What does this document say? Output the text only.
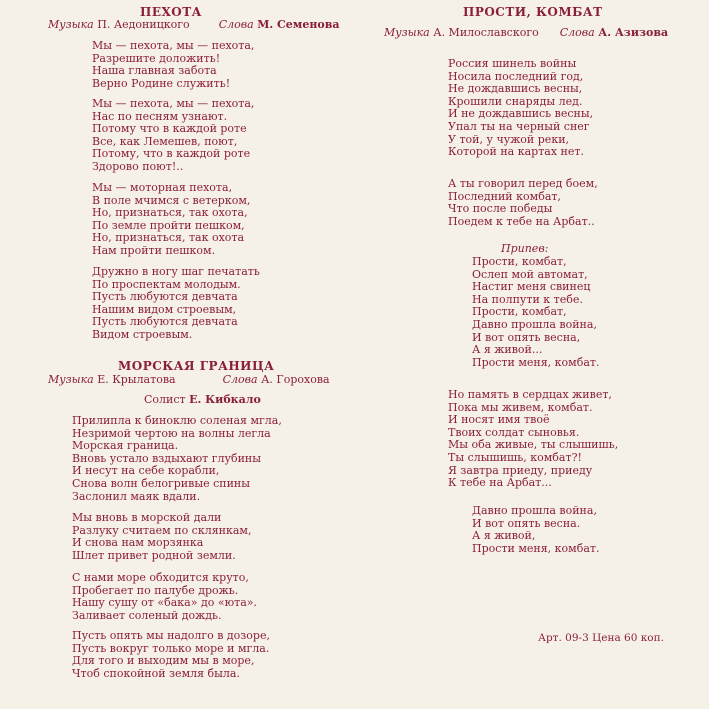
ПЕХОТА
Музыка П. Аедоницкого	Слова М. Семенова
Мы — пехота, мы — пехота,
Разрешите доложить!
Наша главная забота
Верно Родине служить!
Мы — пехота, мы — пехота,
Нас по песням узнают.
Потому что в каждой роте
Все, как Лемешев, поют,
Потому, что в каждой роте
Здорово поют!..
Мы — моторная пехота,
В поле мчимся с ветерком,
Но, признаться, так охота,
По земле пройти пешком,
Но, признаться, так охота
Нам пройти пешком.
Дружно в ногу шаг печатать
По проспектам молодым.
Пусть любуются девчата
Нашим видом строевым,
Пусть любуются девчата
Видом строевым.
МОРСКАЯ ГРАНИЦА
Музыка Е. Крылатова	Слова А. Горохова
Солист Е. Кибкало
Прилипла к биноклю соленая мгла,
Незримой чертою на волны легла
Морская граница.
Вновь устало вздыхают глубины
И несут на себе корабли,
Снова волн белогривые спины
Заслонил маяк вдали.
Мы вновь в морской дали
Разлуку считаем по склянкам,
И снова нам морзянка
Шлет привет родной земли.
С нами море обходится круто,
Пробегает по палубе дрожь.
Нашу сушу от «бака» до «юта».
Заливает соленый дождь.
Пусть опять мы надолго в дозоре,
Пусть вокруг только море и мгла.
Для того и выходим мы в море,
Чтоб спокойной земля была.
ПРОСТИ, КОМБАТ
Музыка А. Милославского Слова А. Азизова
Россия шинель войны
Носила последний год,
Не дождавшись весны,
Крошили снаряды лед.
И не дождавшись весны,
Упал ты на черный снег
У той, у чужой реки,
Которой на картах нет.
А ты говорил перед боем,
Последний комбат,
Что после победы
Поедем к тебе на Арбат..
Припев:
Прости, комбат,
Ослеп мой автомат,
Настиг меня свинец
На полпути к тебе.
Прости, комбат,
Давно прошла война,
И вот опять весна,
А я живой...
Прости меня, комбат.
Но память в сердцах живет,
Пока мы живем, комбат.
И носят имя твоё
Твоих солдат сыновья.
Мы оба живые, ты слышишь,
Ты слышишь, комбат?!
Я завтра приеду, приеду
К тебе на Арбат...
Давно прошла война,
И вот опять весна.
А я живой,
Прости меня, комбат.
Арт. 09-3 Цена 60 коп.
